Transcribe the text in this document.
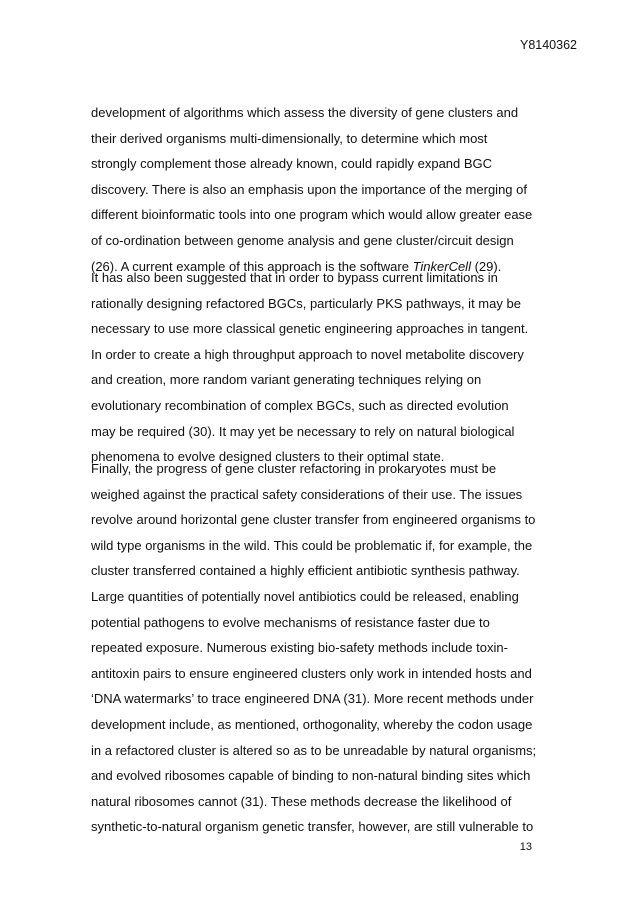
Y8140362
development of algorithms which assess the diversity of gene clusters and
their derived organisms multi-dimensionally, to determine which most
strongly complement those already known, could rapidly expand BGC
discovery. There is also an emphasis upon the importance of the merging of
different bioinformatic tools into one program which would allow greater ease
of co-ordination between genome analysis and gene cluster/circuit design
(26). A current example of this approach is the software TinkerCell (29).
It has also been suggested that in order to bypass current limitations in
rationally designing refactored BGCs, particularly PKS pathways, it may be
necessary to use more classical genetic engineering approaches in tangent.
In order to create a high throughput approach to novel metabolite discovery
and creation, more random variant generating techniques relying on
evolutionary recombination of complex BGCs, such as directed evolution
may be required (30). It may yet be necessary to rely on natural biological
phenomena to evolve designed clusters to their optimal state.
Finally, the progress of gene cluster refactoring in prokaryotes must be
weighed against the practical safety considerations of their use. The issues
revolve around horizontal gene cluster transfer from engineered organisms to
wild type organisms in the wild. This could be problematic if, for example, the
cluster transferred contained a highly efficient antibiotic synthesis pathway.
Large quantities of potentially novel antibiotics could be released, enabling
potential pathogens to evolve mechanisms of resistance faster due to
repeated exposure. Numerous existing bio-safety methods include toxin-
antitoxin pairs to ensure engineered clusters only work in intended hosts and
‘DNA watermarks’ to trace engineered DNA (31). More recent methods under
development include, as mentioned, orthogonality, whereby the codon usage
in a refactored cluster is altered so as to be unreadable by natural organisms;
and evolved ribosomes capable of binding to non-natural binding sites which
natural ribosomes cannot (31). These methods decrease the likelihood of
synthetic-to-natural organism genetic transfer, however, are still vulnerable to
13
